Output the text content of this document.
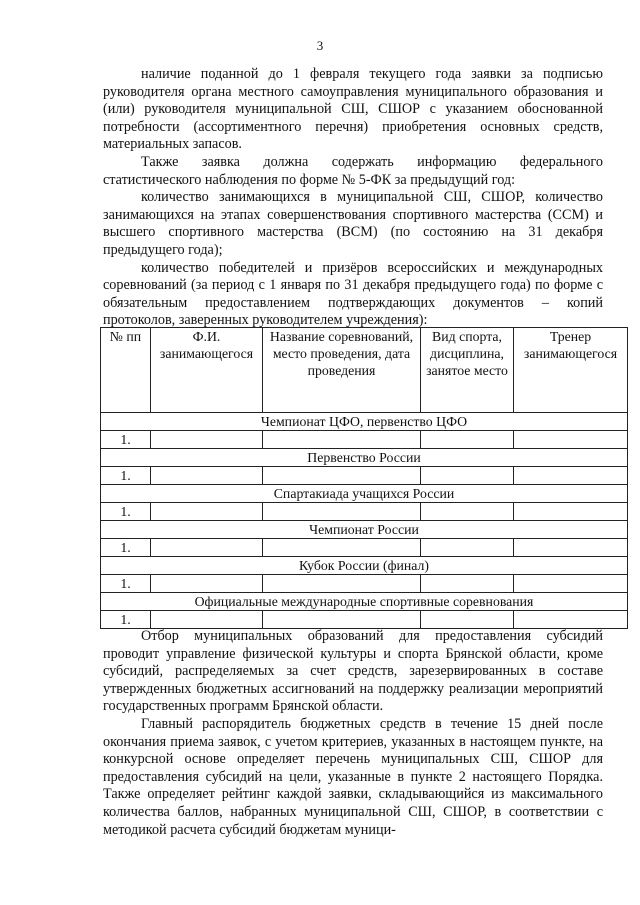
3

наличие поданной до 1 февраля текущего года заявки за подписью руководителя органа местного самоуправления муниципального образования и (или) руководителя муниципальной СШ, СШОР с указанием обоснованной потребности (ассортиментного перечня) приобретения основных средств, материальных запасов.

Также заявка должна содержать информацию федерального статистического наблюдения по форме № 5-ФК за предыдущий год:

количество занимающихся в муниципальной СШ, СШОР, количество занимающихся на этапах совершенствования спортивного мастерства (ССМ) и высшего спортивного мастерства (ВСМ) (по состоянию на 31 декабря предыдущего года);

количество победителей и призёров всероссийских и международных соревнований (за период с 1 января по 31 декабря предыдущего года) по форме с обязательным предоставлением подтверждающих документов – копий протоколов, заверенных руководителем учреждения):

№ пп	Ф.И. занимающегося	Название соревнований, место проведения, дата проведения	Вид спорта, дисциплина, занятое место	Тренер занимающегося
Чемпионат ЦФО, первенство ЦФО				
1.				
Первенство России				
1.				
Спартакиада учащихся России				
1.				
Чемпионат России				
1.				
Кубок России (финал)				
1.				
Официальные международные спортивные соревнования				
1.				

Отбор муниципальных образований для предоставления субсидий проводит управление физической культуры и спорта Брянской области, кроме субсидий, распределяемых за счет средств, зарезервированных в составе утвержденных бюджетных ассигнований на поддержку реализации мероприятий государственных программ Брянской области.

Главный распорядитель бюджетных средств в течение 15 дней после окончания приема заявок, с учетом критериев, указанных в настоящем пункте, на конкурсной основе определяет перечень муниципальных СШ, СШОР для предоставления субсидий на цели, указанные в пункте 2 настоящего Порядка. Также определяет рейтинг каждой заявки, складывающийся из максимального количества баллов, набранных муниципальной СШ, СШОР, в соответствии с методикой расчета субсидий бюджетам муници-
